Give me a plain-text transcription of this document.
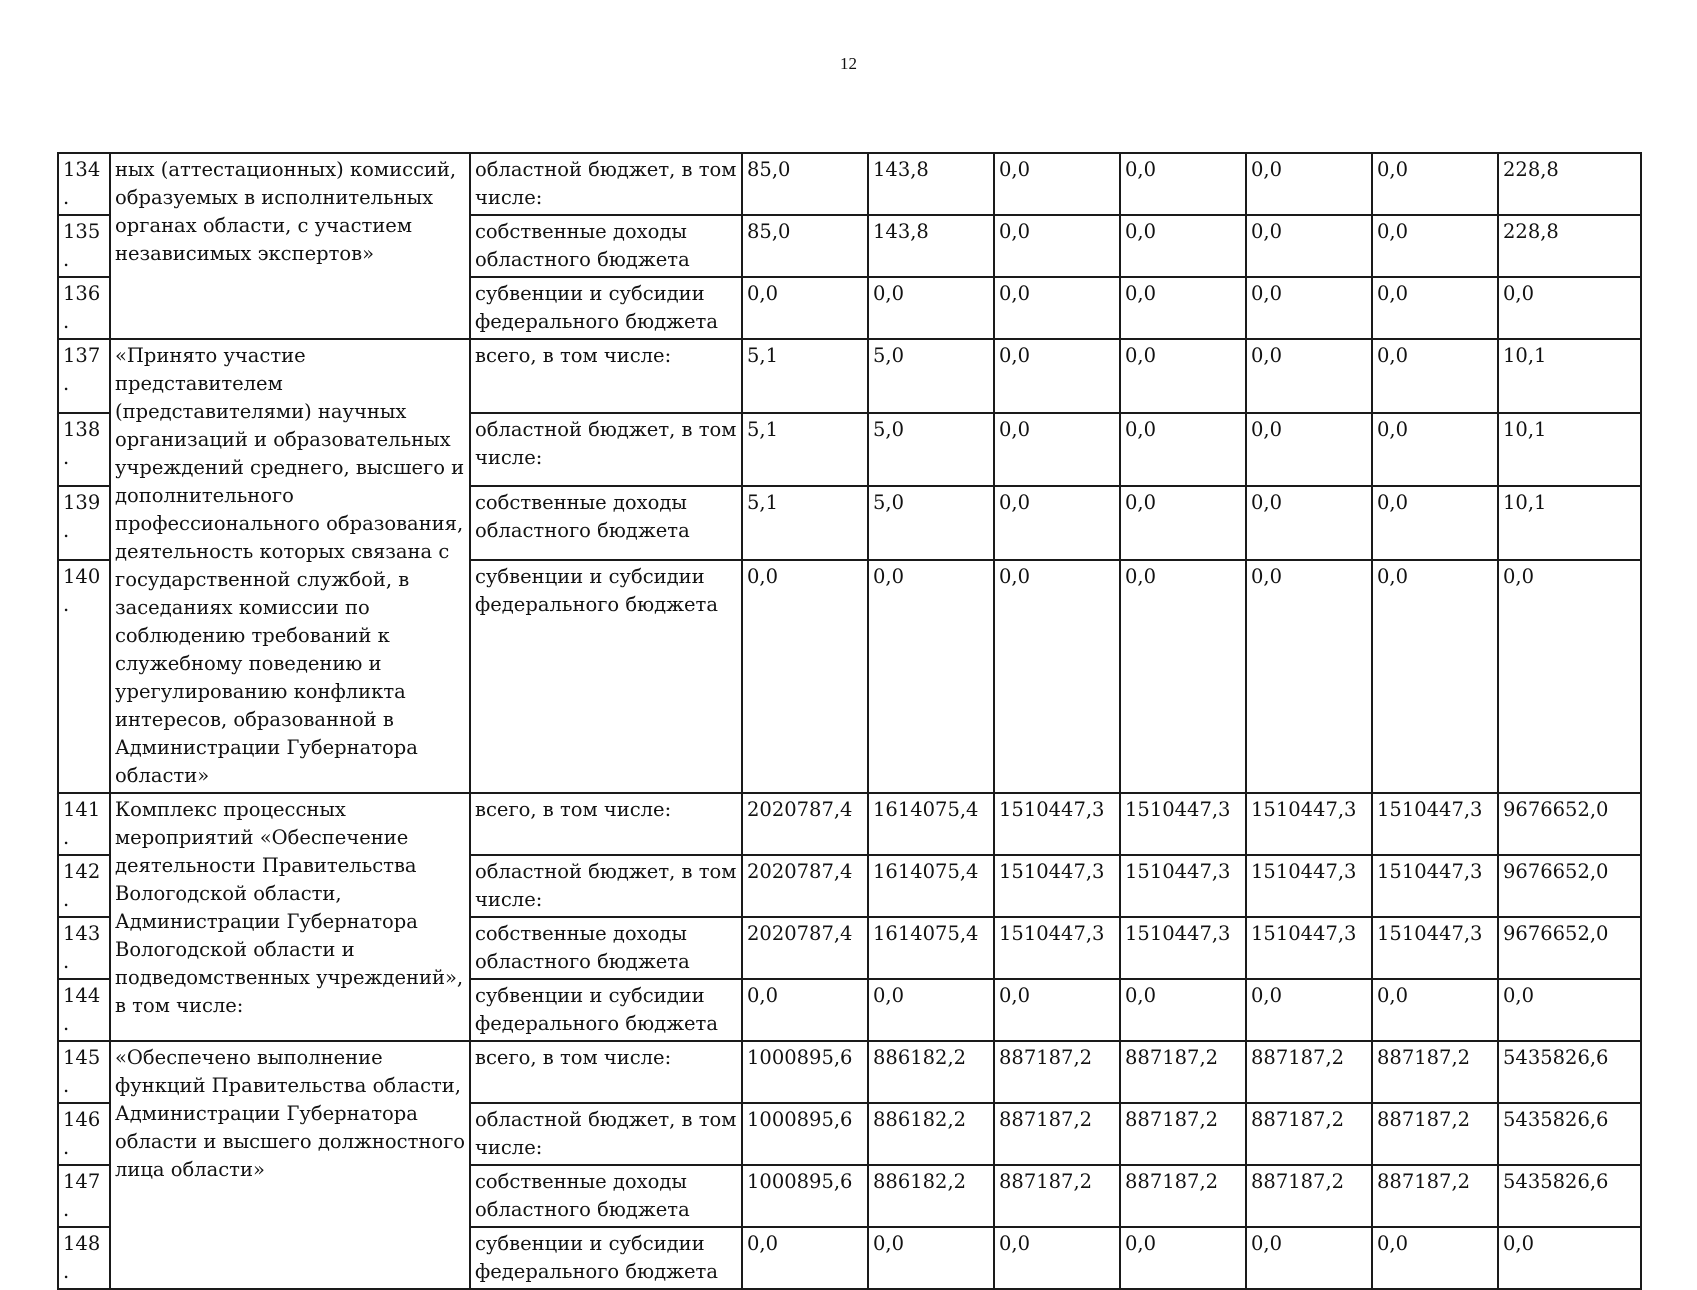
12
134.	ных (аттестационных) комиссий, образуемых в исполнительных органах области, с участием независимых экспертов»	областной бюджет, в том числе:	85,0	143,8	0,0	0,0	0,0	0,0	228,8
135.		собственные доходы областного бюджета	85,0	143,8	0,0	0,0	0,0	0,0	228,8
136.		субвенции и субсидии федерального бюджета	0,0	0,0	0,0	0,0	0,0	0,0	0,0
137.	«Принято участие представителем (представителями) научных организаций и образовательных учреждений среднего, высшего и дополнительного профессионального образования, деятельность которых связана с государственной службой, в заседаниях комиссии по соблюдению требований к служебному поведению и урегулированию конфликта интересов, образованной в Администрации Губернатора области»	всего, в том числе:	5,1	5,0	0,0	0,0	0,0	0,0	10,1
138.		областной бюджет, в том числе:	5,1	5,0	0,0	0,0	0,0	0,0	10,1
139.		собственные доходы областного бюджета	5,1	5,0	0,0	0,0	0,0	0,0	10,1
140.		субвенции и субсидии федерального бюджета	0,0	0,0	0,0	0,0	0,0	0,0	0,0
141.	Комплекс процессных мероприятий «Обеспечение деятельности Правительства Вологодской области, Администрации Губернатора Вологодской области и подведомственных учреждений», в том числе:	всего, в том числе:	2020787,4	1614075,4	1510447,3	1510447,3	1510447,3	1510447,3	9676652,0
142.		областной бюджет, в том числе:	2020787,4	1614075,4	1510447,3	1510447,3	1510447,3	1510447,3	9676652,0
143.		собственные доходы областного бюджета	2020787,4	1614075,4	1510447,3	1510447,3	1510447,3	1510447,3	9676652,0
144.		субвенции и субсидии федерального бюджета	0,0	0,0	0,0	0,0	0,0	0,0	0,0
145.	«Обеспечено выполнение функций Правительства области, Администрации Губернатора области и высшего должностного лица области»	всего, в том числе:	1000895,6	886182,2	887187,2	887187,2	887187,2	887187,2	5435826,6
146.		областной бюджет, в том числе:	1000895,6	886182,2	887187,2	887187,2	887187,2	887187,2	5435826,6
147.		собственные доходы областного бюджета	1000895,6	886182,2	887187,2	887187,2	887187,2	887187,2	5435826,6
148.		субвенции и субсидии федерального бюджета	0,0	0,0	0,0	0,0	0,0	0,0	0,0
